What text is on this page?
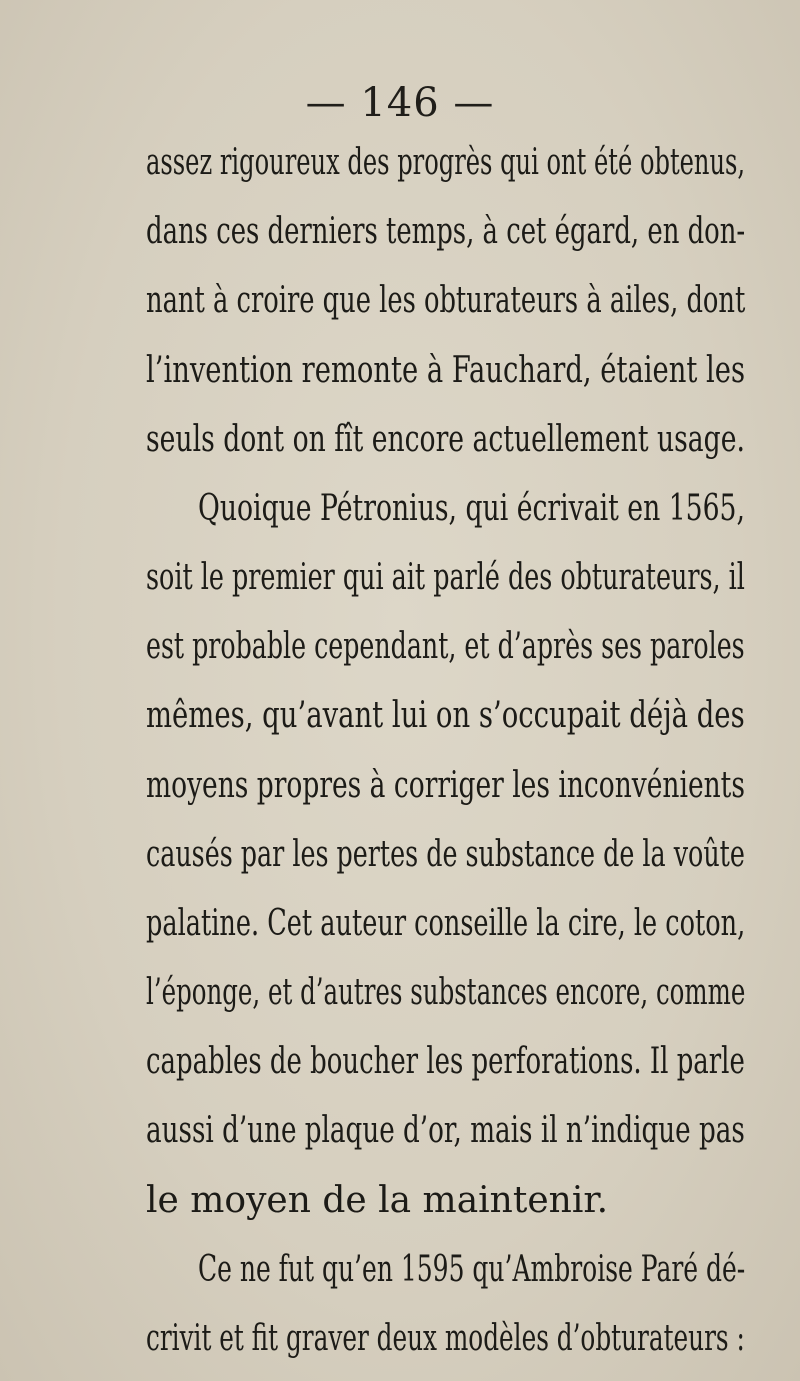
— 146 —
assez rigoureux des progrès qui ont été obtenus,
dans ces derniers temps, à cet égard, en don-
nant à croire que les obturateurs à ailes, dont
l’invention remonte à Fauchard, étaient les
seuls dont on fît encore actuellement usage.
Quoique Pétronius, qui écrivait en 1565,
soit le premier qui ait parlé des obturateurs, il
est probable cependant, et d’après ses paroles
mêmes, qu’avant lui on s’occupait déjà des
moyens propres à corriger les inconvénients
causés par les pertes de substance de la voûte
palatine. Cet auteur conseille la cire, le coton,
l’éponge, et d’autres substances encore, comme
capables de boucher les perforations. Il parle
aussi d’une plaque d’or, mais il n’indique pas
le moyen de la maintenir.
Ce ne fut qu’en 1595 qu’Ambroise Paré dé-
crivit et fit graver deux modèles d’obturateurs :
